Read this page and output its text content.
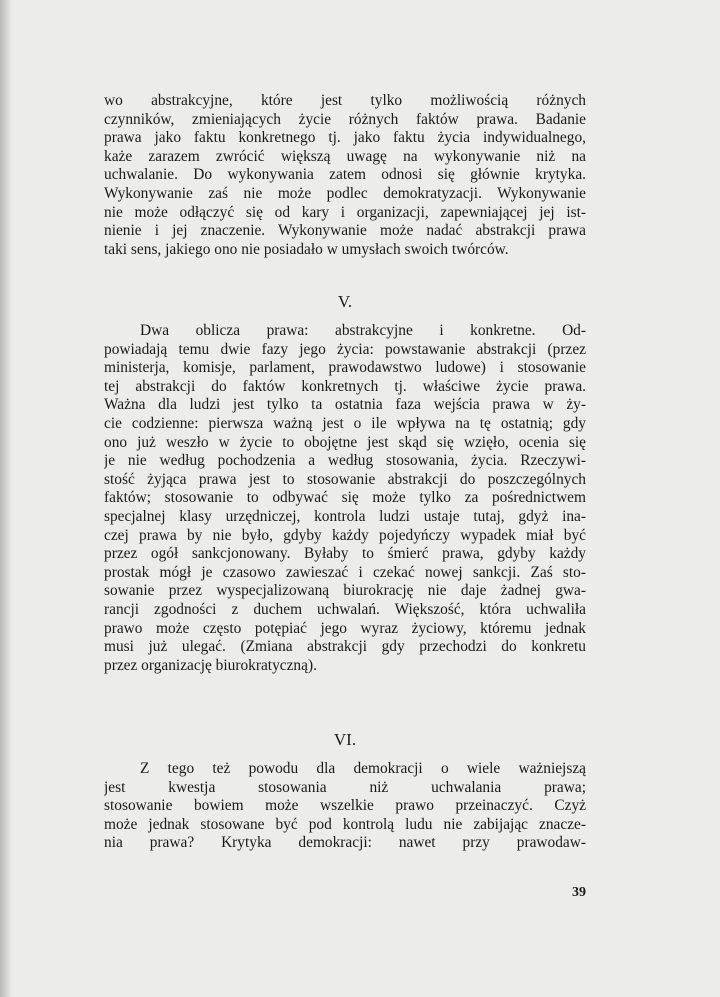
wo abstrakcyjne, które jest tylko możliwością różnych
czynników, zmieniających życie różnych faktów prawa. Badanie
prawa jako faktu konkretnego tj. jako faktu życia indywidualnego,
każe zarazem zwrócić większą uwagę na wykonywanie niż na
uchwalanie. Do wykonywania zatem odnosi się głównie krytyka.
Wykonywanie zaś nie może podlec demokratyzacji. Wykonywanie
nie może odłączyć się od kary i organizacji, zapewniającej jej ist-
nienie i jej znaczenie. Wykonywanie może nadać abstrakcji prawa
taki sens, jakiego ono nie posiadało w umysłach swoich twórców.
V.
Dwa oblicza prawa: abstrakcyjne i konkretne. Od-
powiadają temu dwie fazy jego życia: powstawanie abstrakcji (przez
ministerja, komisje, parlament, prawodawstwo ludowe) i stosowanie
tej abstrakcji do faktów konkretnych tj. właściwe życie prawa.
Ważna dla ludzi jest tylko ta ostatnia faza wejścia prawa w ży-
cie codzienne: pierwsza ważną jest o ile wpływa na tę ostatnią; gdy
ono już weszło w życie to obojętne jest skąd się wzięło, ocenia się
je nie według pochodzenia a według stosowania, życia. Rzeczywi-
stość żyjąca prawa jest to stosowanie abstrakcji do poszczególnych
faktów; stosowanie to odbywać się może tylko za pośrednictwem
specjalnej klasy urzędniczej, kontrola ludzi ustaje tutaj, gdyż ina-
czej prawa by nie było, gdyby każdy pojedyńczy wypadek miał być
przez ogół sankcjonowany. Byłaby to śmierć prawa, gdyby każdy
prostak mógł je czasowo zawieszać i czekać nowej sankcji. Zaś sto-
sowanie przez wyspecjalizowaną biurokrację nie daje żadnej gwa-
rancji zgodności z duchem uchwalań. Większość, która uchwaliła
prawo może często potępiać jego wyraz życiowy, któremu jednak
musi już ulegać. (Zmiana abstrakcji gdy przechodzi do konkretu
przez organizację biurokratyczną).
VI.
Z tego też powodu dla demokracji o wiele ważniejszą
jest kwestja stosowania niż uchwalania prawa;
stosowanie bowiem może wszelkie prawo przeinaczyć. Czyż
może jednak stosowane być pod kontrolą ludu nie zabijając znacze-
nia prawa? Krytyka demokracji: nawet przy prawodaw-
39
